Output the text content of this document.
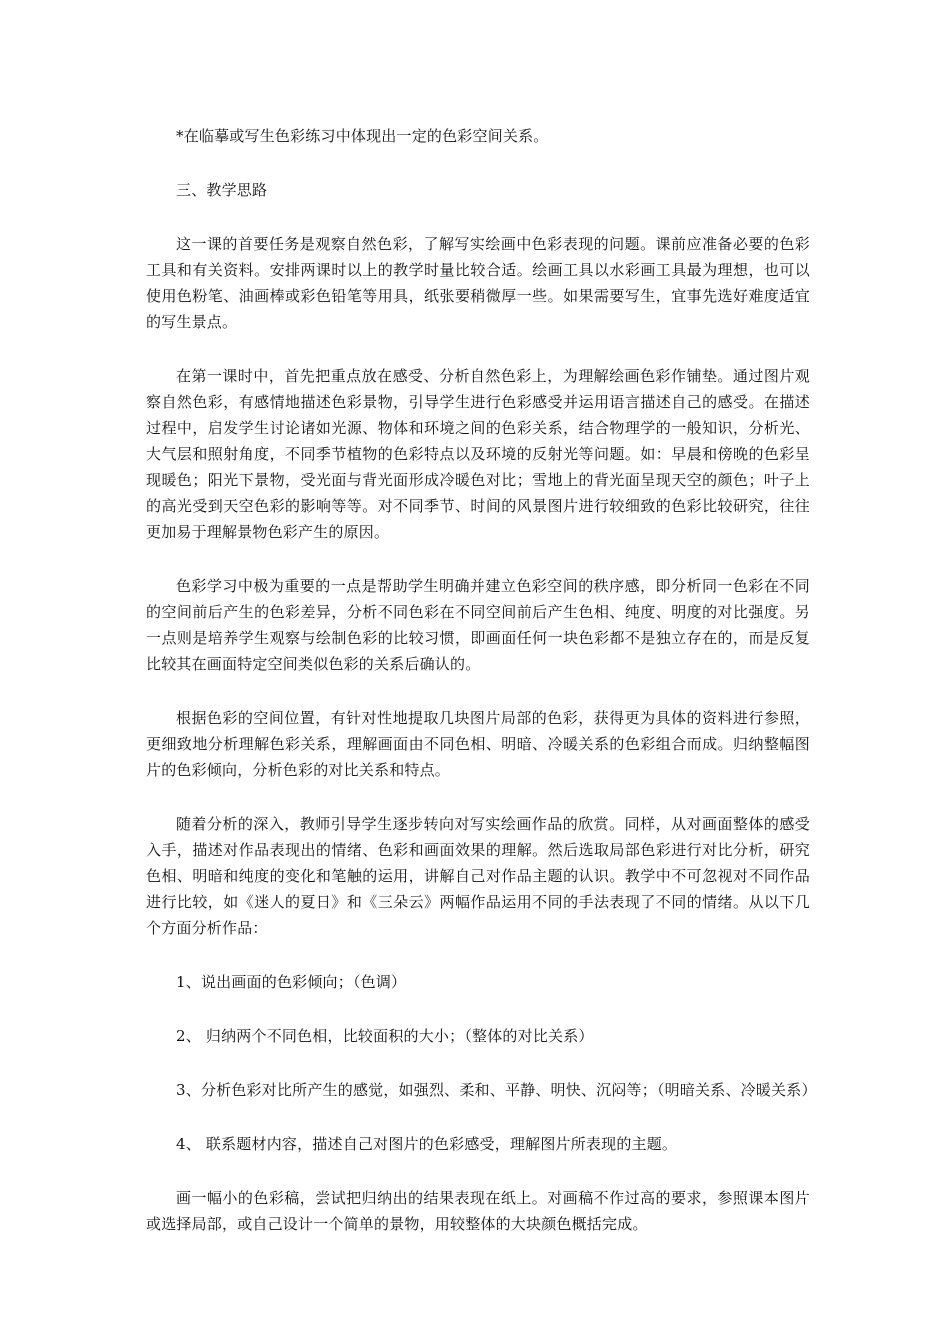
*在临摹或写生色彩练习中体现出一定的色彩空间关系。

三、教学思路

这一课的首要任务是观察自然色彩，了解写实绘画中色彩表现的问题。课前应准备必要的色彩工具和有关资料。安排两课时以上的教学时量比较合适。绘画工具以水彩画工具最为理想，也可以使用色粉笔、油画棒或彩色铅笔等用具，纸张要稍微厚一些。如果需要写生，宜事先选好难度适宜的写生景点。

在第一课时中，首先把重点放在感受、分析自然色彩上，为理解绘画色彩作铺垫。通过图片观察自然色彩，有感情地描述色彩景物，引导学生进行色彩感受并运用语言描述自己的感受。在描述过程中，启发学生讨论诸如光源、物体和环境之间的色彩关系，结合物理学的一般知识，分析光、大气层和照射角度，不同季节植物的色彩特点以及环境的反射光等问题。如：早晨和傍晚的色彩呈现暖色；阳光下景物，受光面与背光面形成冷暖色对比；雪地上的背光面呈现天空的颜色；叶子上的高光受到天空色彩的影响等等。对不同季节、时间的风景图片进行较细致的色彩比较研究，往往更加易于理解景物色彩产生的原因。

色彩学习中极为重要的一点是帮助学生明确并建立色彩空间的秩序感，即分析同一色彩在不同的空间前后产生的色彩差异，分析不同色彩在不同空间前后产生色相、纯度、明度的对比强度。另一点则是培养学生观察与绘制色彩的比较习惯，即画面任何一块色彩都不是独立存在的，而是反复比较其在画面特定空间类似色彩的关系后确认的。

根据色彩的空间位置，有针对性地提取几块图片局部的色彩，获得更为具体的资料进行参照，更细致地分析理解色彩关系，理解画面由不同色相、明暗、冷暖关系的色彩组合而成。归纳整幅图片的色彩倾向，分析色彩的对比关系和特点。

随着分析的深入，教师引导学生逐步转向对写实绘画作品的欣赏。同样，从对画面整体的感受入手，描述对作品表现出的情绪、色彩和画面效果的理解。然后选取局部色彩进行对比分析，研究色相、明暗和纯度的变化和笔触的运用，讲解自己对作品主题的认识。教学中不可忽视对不同作品进行比较，如《迷人的夏日》和《三朵云》两幅作品运用不同的手法表现了不同的情绪。从以下几个方面分析作品：

1、说出画面的色彩倾向；（色调）

2、 归纳两个不同色相，比较面积的大小；（整体的对比关系）

3、分析色彩对比所产生的感觉，如强烈、柔和、平静、明快、沉闷等；（明暗关系、冷暖关系）

4、 联系题材内容，描述自己对图片的色彩感受，理解图片所表现的主题。

画一幅小的色彩稿，尝试把归纳出的结果表现在纸上。对画稿不作过高的要求，参照课本图片或选择局部，或自己设计一个简单的景物，用较整体的大块颜色概括完成。
